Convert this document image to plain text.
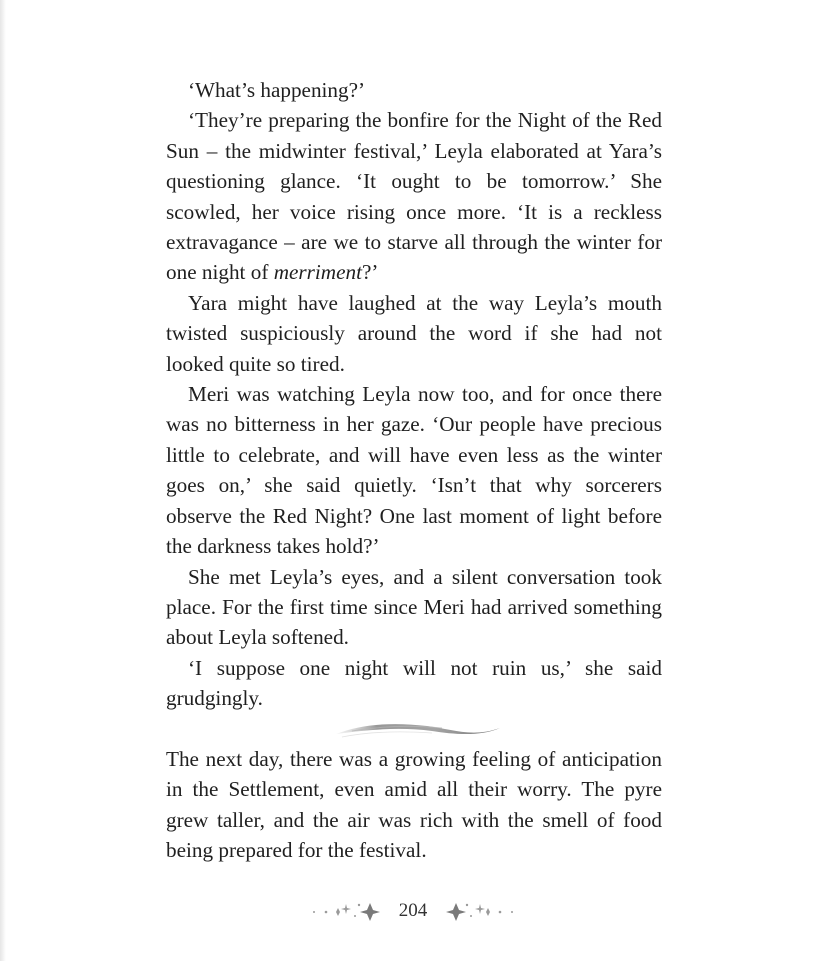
‘What’s happening?’

‘They’re preparing the bonfire for the Night of the Red Sun – the midwinter festival,’ Leyla elaborated at Yara’s questioning glance. ‘It ought to be tomorrow.’ She scowled, her voice rising once more. ‘It is a reckless extravagance – are we to starve all through the winter for one night of merriment?’

Yara might have laughed at the way Leyla’s mouth twisted suspiciously around the word if she had not looked quite so tired.

Meri was watching Leyla now too, and for once there was no bitterness in her gaze. ‘Our people have precious little to celebrate, and will have even less as the winter goes on,’ she said quietly. ‘Isn’t that why sorcerers observe the Red Night? One last moment of light before the darkness takes hold?’

She met Leyla’s eyes, and a silent conversation took place. For the first time since Meri had arrived something about Leyla softened.

‘I suppose one night will not ruin us,’ she said grudgingly.

The next day, there was a growing feeling of anticipation in the Settlement, even amid all their worry. The pyre grew taller, and the air was rich with the smell of food being prepared for the festival.

204
